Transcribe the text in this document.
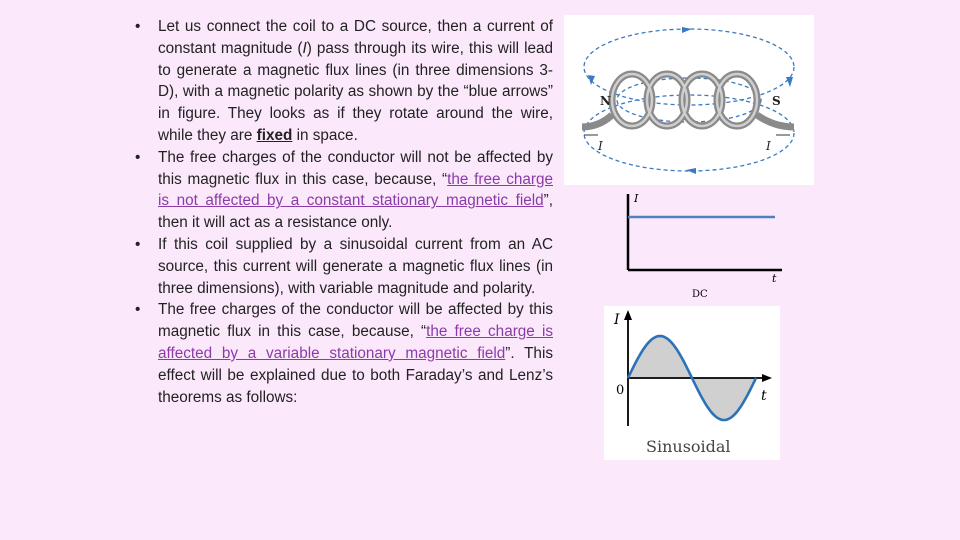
• Let us connect the coil to a DC source, then a current of constant magnitude (I) pass through its wire, this will lead to generate a magnetic flux lines (in three dimensions 3-D), with a magnetic polarity as shown by the “blue arrows” in figure. They looks as if they rotate around the wire, while they are fixed in space.
• The free charges of the conductor will not be affected by this magnetic flux in this case, because, “the free charge is not affected by a constant stationary magnetic field”, then it will act as a resistance only.
• If this coil supplied by a sinusoidal current from an AC source, this current will generate a magnetic flux lines (in three dimensions), with variable magnitude and polarity.
• The free charges of the conductor will be affected by this magnetic flux in this case, because, “the free charge is affected by a variable stationary magnetic field”. This effect will be explained due to both Faraday’s and Lenz’s theorems as follows:
N	S
I	I
I
t
DC
I
t
0
Sinusoidal
